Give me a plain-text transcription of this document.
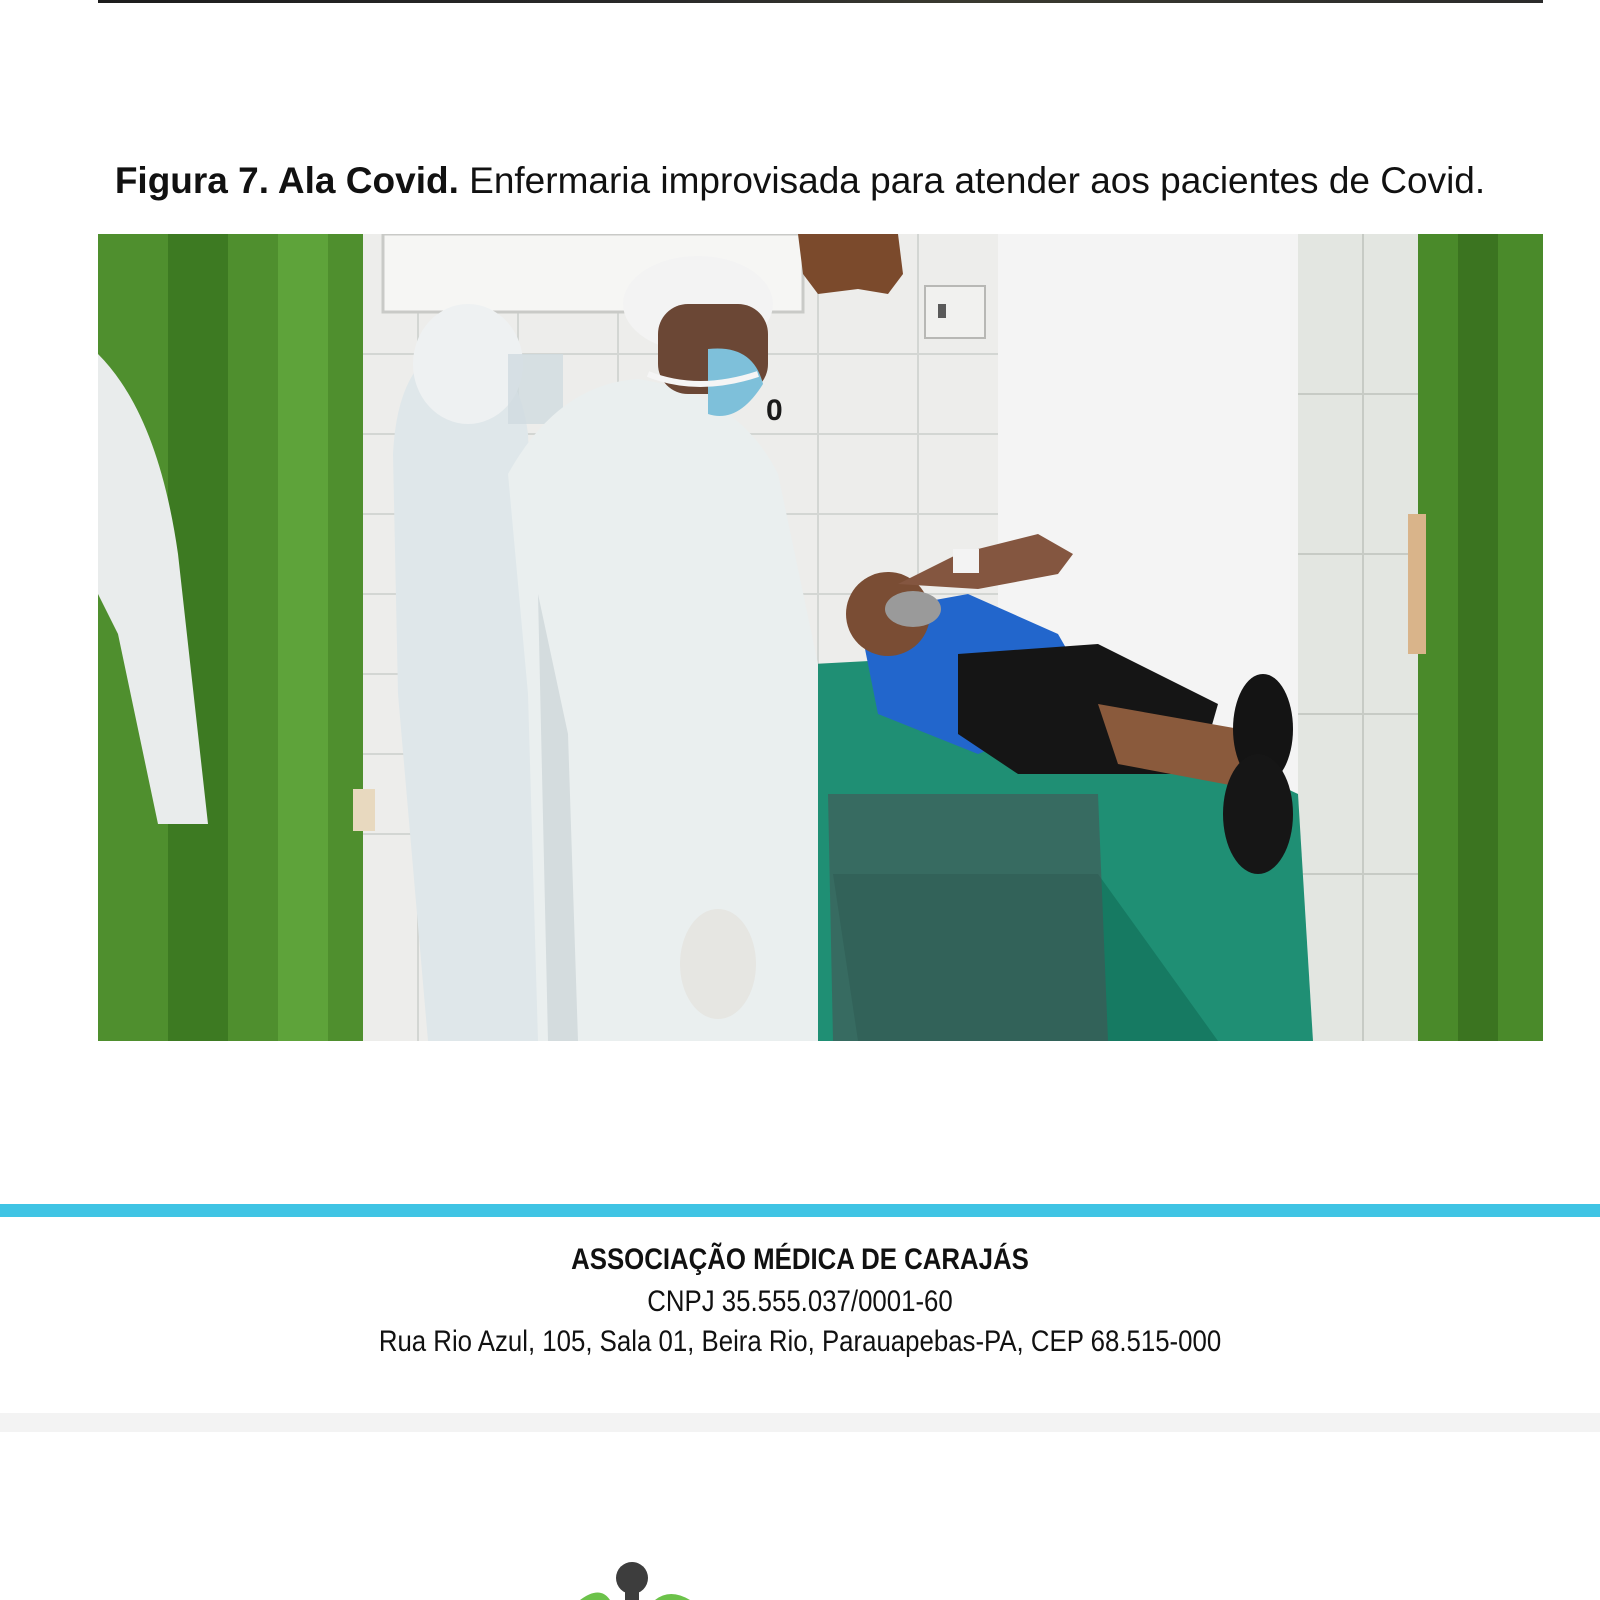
Figura 7. Ala Covid. Enfermaria improvisada para atender aos pacientes de Covid.
0
ASSOCIAÇÃO MÉDICA DE CARAJÁS
CNPJ 35.555.037/0001-60
Rua Rio Azul, 105, Sala 01, Beira Rio, Parauapebas-PA, CEP 68.515-000
